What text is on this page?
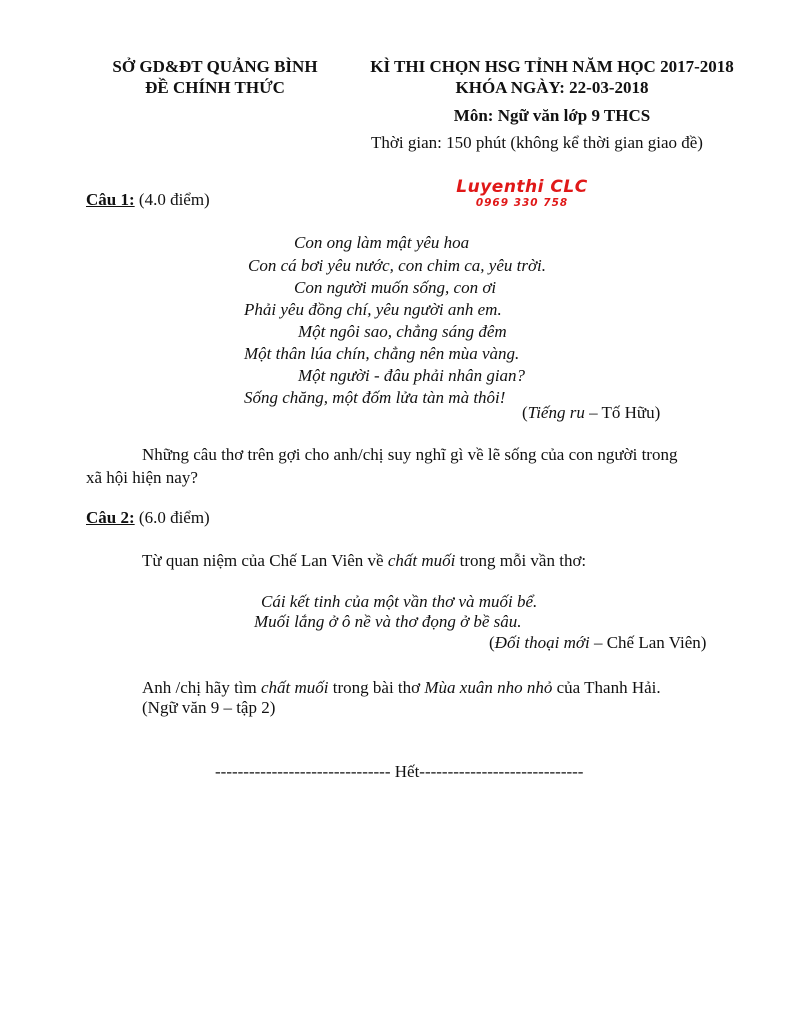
SỞ GD&ĐT QUẢNG BÌNH
ĐỀ CHÍNH THỨC
KÌ THI CHỌN HSG TỈNH NĂM HỌC 2017-2018
KHÓA NGÀY: 22-03-2018
Môn: Ngữ văn lớp 9 THCS
Thời gian: 150 phút (không kể thời gian giao đề)
Luyenthi CLC
0969 330 758
Câu 1: (4.0 điểm)
Con ong làm mật yêu hoa
Con cá bơi yêu nước, con chim ca, yêu trời.
Con người muốn sống, con ơi
Phải yêu đồng chí, yêu người anh em.
Một ngôi sao, chẳng sáng đêm
Một thân lúa chín, chẳng nên mùa vàng.
Một người - đâu phải nhân gian?
Sống chăng, một đốm lửa tàn mà thôi!
(Tiếng ru – Tố Hữu)
Những câu thơ trên gợi cho anh/chị suy nghĩ gì về lẽ sống của con người trong
xã hội hiện nay?
Câu 2: (6.0 điểm)
Từ quan niệm của Chế Lan Viên về chất muối trong mỗi vần thơ:
Cái kết tinh của một vần thơ và muối bể.
Muối lắng ở ô nề và thơ đọng ở bề sâu.
(Đối thoại mới – Chế Lan Viên)
Anh /chị hãy tìm chất muối trong bài thơ Mùa xuân nho nhỏ của Thanh Hải.
(Ngữ văn 9 – tập 2)
------------------------------- Hết-----------------------------
